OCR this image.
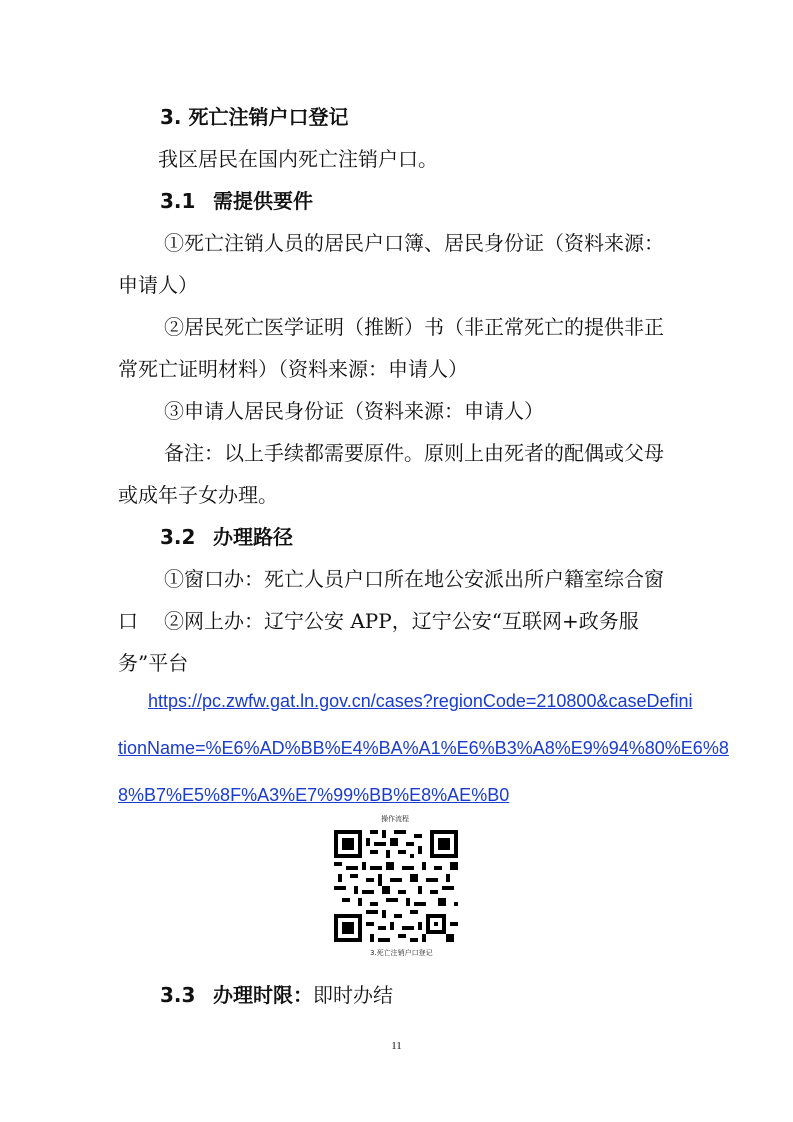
3. 死亡注销户口登记

我区居民在国内死亡注销户口。

3.1 需提供要件

①死亡注销人员的居民户口簿、居民身份证（资料来源：申请人）

②居民死亡医学证明（推断）书（非正常死亡的提供非正常死亡证明材料）（资料来源：申请人）

③申请人居民身份证（资料来源：申请人）

备注：以上手续都需要原件。原则上由死者的配偶或父母或成年子女办理。

3.2 办理路径

①窗口办：死亡人员户口所在地公安派出所户籍室综合窗口	②网上办：辽宁公安 APP，辽宁公安“互联网+政务服务”平台

https://pc.zwfw.gat.ln.gov.cn/cases?regionCode=210800&caseDefini
tionName=%E6%AD%BB%E4%BA%A1%E6%B3%A8%E9%94%80%E6%8
8%B7%E5%8F%A3%E7%99%BB%E8%AE%B0
操作流程
3.死亡注销户口登记
3.3 办理时限：即时办结
11
